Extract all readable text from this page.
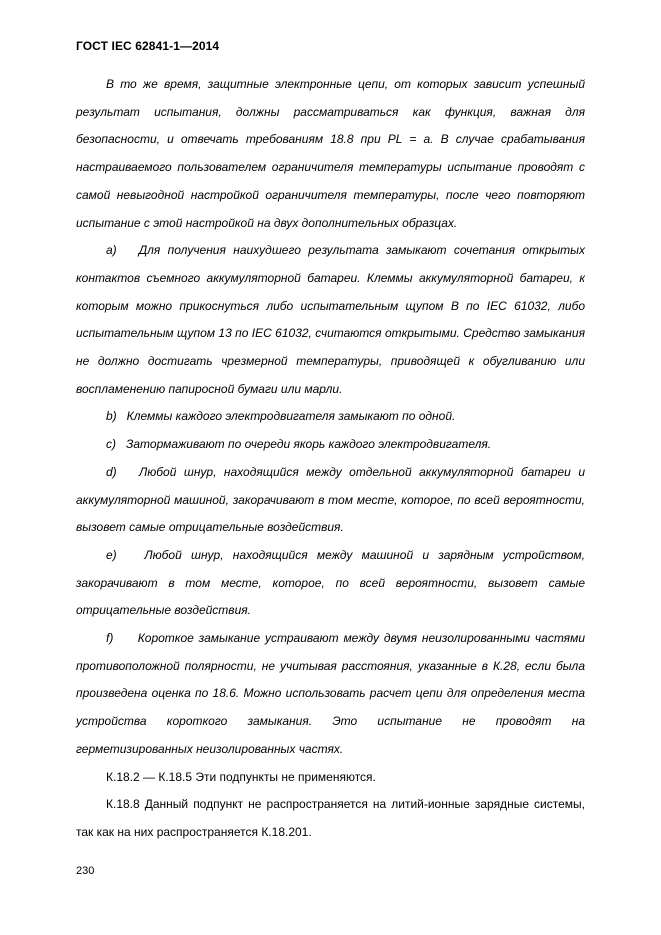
ГОСТ IEC 62841-1—2014

В то же время, защитные электронные цепи, от которых зависит успешный результат испытания, должны рассматриваться как функция, важная для безопасности, и отвечать требованиям 18.8 при PL = a. В случае срабатывания настраиваемого пользователем ограничителя температуры испытание проводят с самой невыгодной настройкой ограничителя температуры, после чего повторяют испытание с этой настройкой на двух дополнительных образцах.

a)   Для получения наихудшего результата замыкают сочетания открытых контактов съемного аккумуляторной батареи. Клеммы аккумуляторной батареи, к которым можно прикоснуться либо испытательным щупом B по IEC 61032, либо испытательным щупом 13 по IEC 61032, считаются открытыми. Средство замыкания не должно достигать чрезмерной температуры, приводящей к обугливанию или воспламенению папиросной бумаги или марли.

b)   Клеммы каждого электродвигателя замыкают по одной.

c)   Затормаживают по очереди якорь каждого электродвигателя.

d)   Любой шнур, находящийся между отдельной аккумуляторной батареи и аккумуляторной машиной, закорачивают в том месте, которое, по всей вероятности, вызовет самые отрицательные воздействия.

e)   Любой шнур, находящийся между машиной и зарядным устройством, закорачивают в том месте, которое, по всей вероятности, вызовет самые отрицательные воздействия.

f)     Короткое замыкание устраивают между двумя неизолированными частями противоположной полярности, не учитывая расстояния, указанные в К.28, если была произведена оценка по 18.6. Можно использовать расчет цепи для определения места устройства короткого замыкания. Это испытание не проводят на герметизированных неизолированных частях.

К.18.2 — К.18.5 Эти подпункты не применяются.

К.18.8 Данный подпункт не распространяется на литий-ионные зарядные системы, так как на них распространяется К.18.201.

230
